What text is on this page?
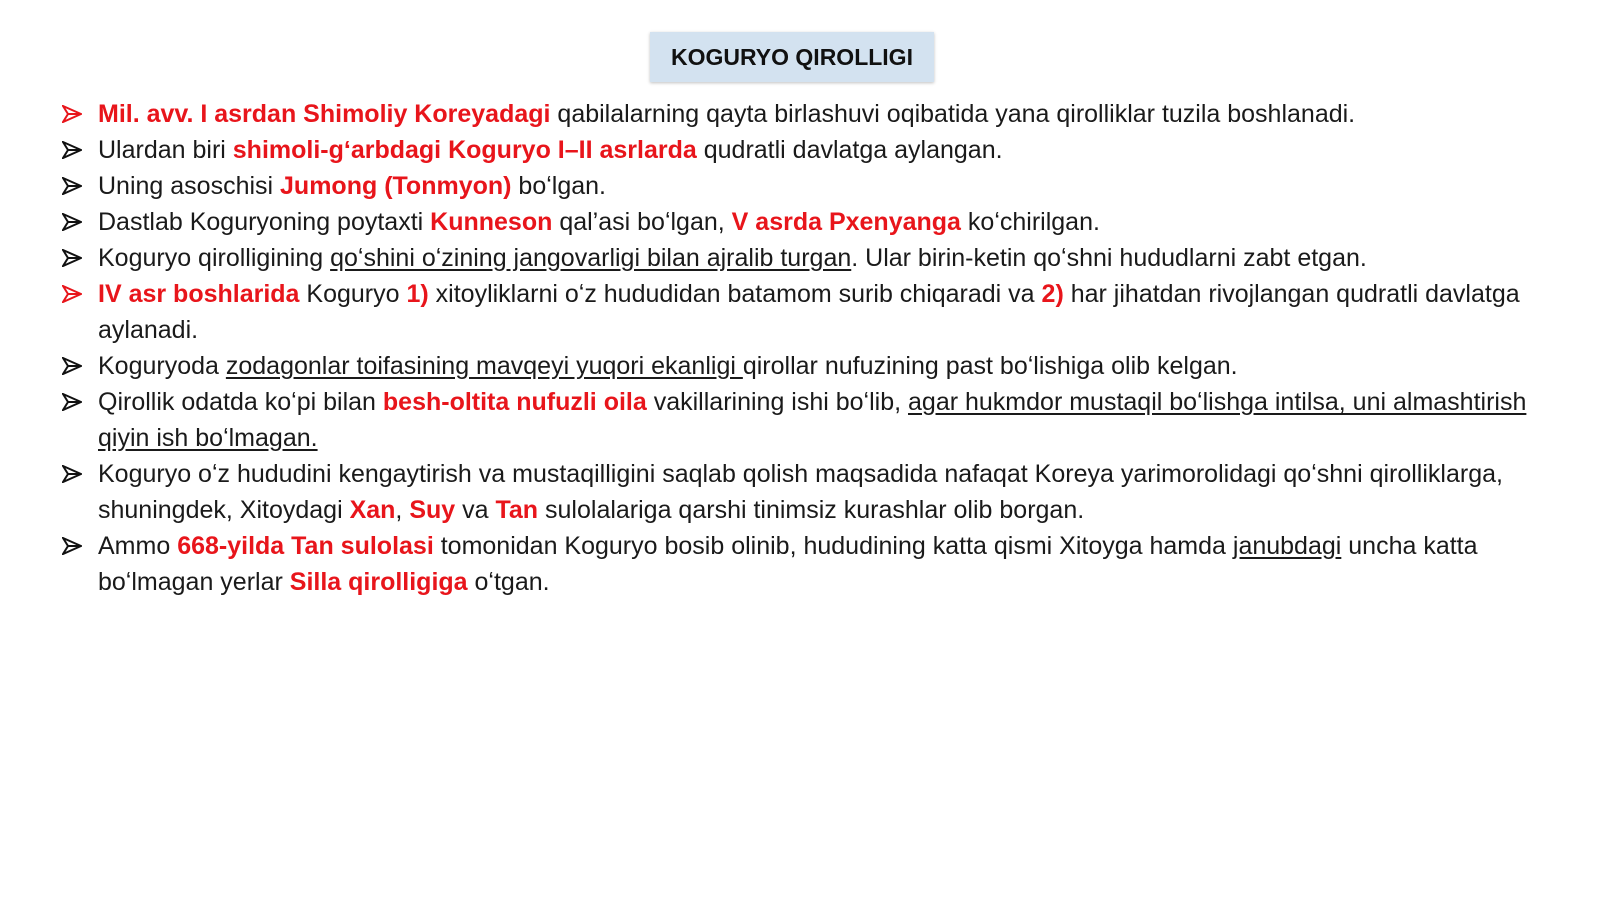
KOGURYO QIROLLIGI
Mil. avv. I asrdan Shimoliy Koreyadagi qabilalarning qayta birlashuvi oqibatida yana qirolliklar tuzila boshlanadi.
Ulardan biri shimoli-gʻarbdagi Koguryo I–II asrlarda qudratli davlatga aylangan.
Uning asoschisi Jumong (Tonmyon) boʻlgan.
Dastlab Koguryoning poytaxti Kunneson qal’asi boʻlgan, V asrda Pxenyanga koʻchirilgan.
Koguryo qirolligining qoʻshini oʻzining jangovarligi bilan ajralib turgan. Ular birin-ketin qoʻshni hududlarni zabt etgan.
IV asr boshlarida Koguryo 1) xitoyliklarni oʻz hududidan batamom surib chiqaradi va 2) har jihatdan rivojlangan qudratli davlatga aylanadi.
Koguryoda zodagonlar toifasining mavqeyi yuqori ekanligi qirollar nufuzining past boʻlishiga olib kelgan.
Qirollik odatda koʻpi bilan besh-oltita nufuzli oila vakillarining ishi boʻlib, agar hukmdor mustaqil boʻlishga intilsa, uni almashtirish qiyin ish boʻlmagan.
Koguryo oʻz hududini kengaytirish va mustaqilligini saqlab qolish maqsadida nafaqat Koreya yarimorolidagi qoʻshni qirolliklarga, shuningdek, Xitoydagi Xan, Suy va Tan sulolalariga qarshi tinimsiz kurashlar olib borgan.
Ammo 668-yilda Tan sulolasi tomonidan Koguryo bosib olinib, hududining katta qismi Xitoyga hamda janubdagi uncha katta boʻlmagan yerlar Silla qirolligiga oʻtgan.
